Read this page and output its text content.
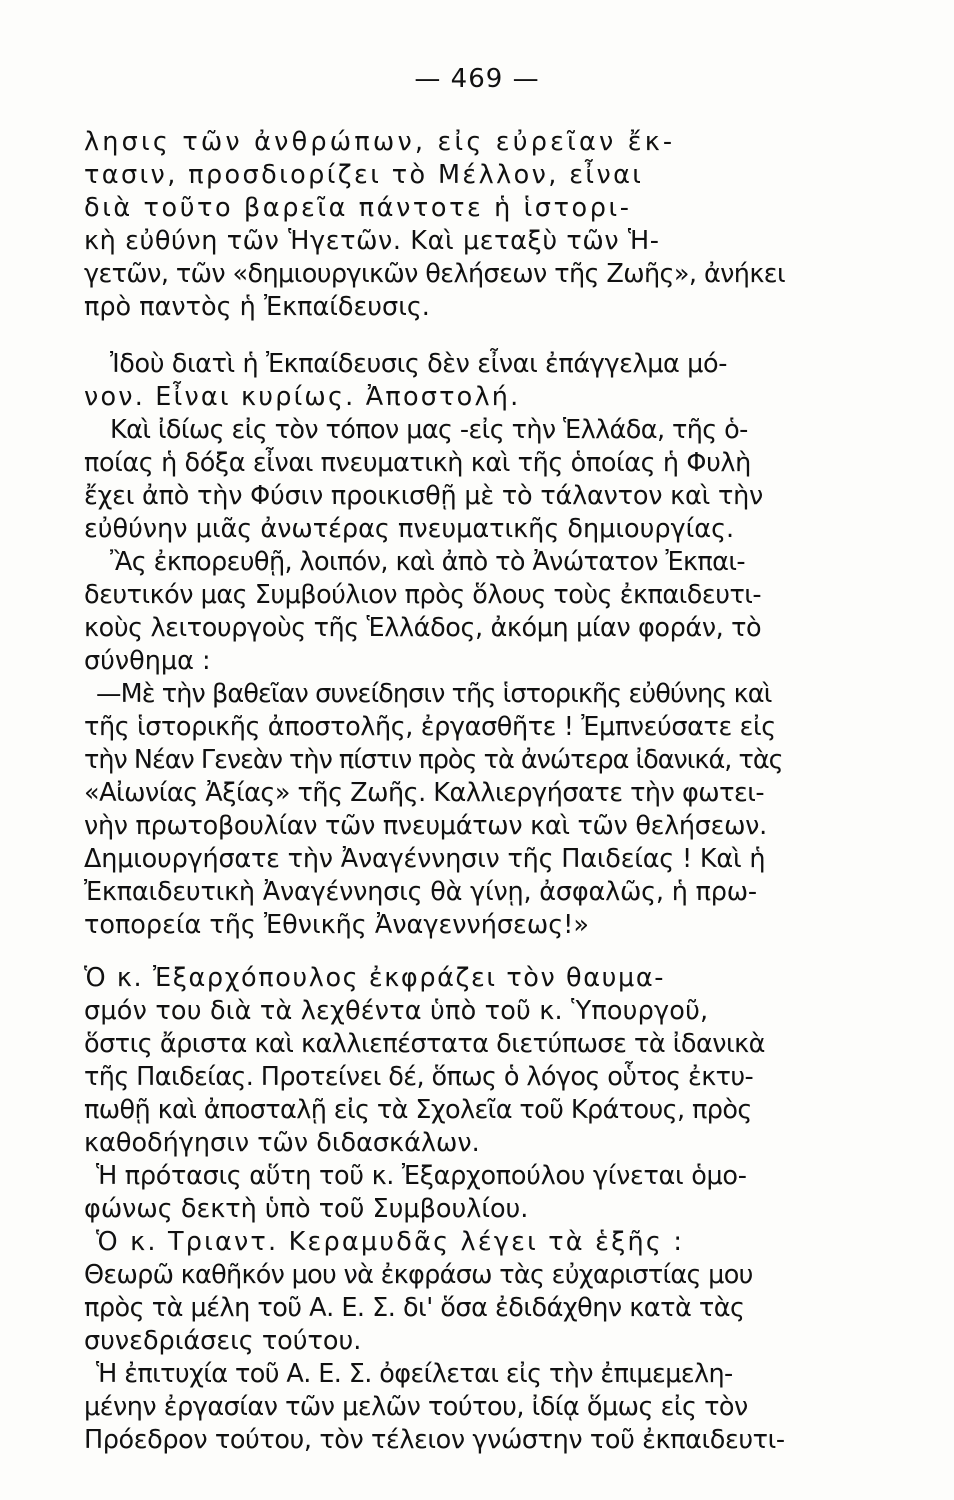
— 469 —
λησις τῶν ἀνθρώπων, εἰς εὐρεῖαν ἔκ-
τασιν, προσδιορίζει τὸ Μέλλον, εἶναι
διὰ τοῦτο βαρεῖα πάντοτε ἡ ἱστορι-
κὴ εὐθύνη τῶν Ἡγετῶν. Καὶ μεταξὺ τῶν Ἡ-
γετῶν, τῶν «δημιουργικῶν θελήσεων τῆς Ζωῆς», ἀνήκει
πρὸ παντὸς ἡ Ἐκπαίδευσις.
Ἰδοὺ διατὶ ἡ Ἐκπαίδευσις δὲν εἶναι ἐπάγγελμα μό-
νον. Εἶναι κυρίως. Ἀποστολή.
Καὶ ἰδίως εἰς τὸν τόπον μας -εἰς τὴν Ἑλλάδα, τῆς ὁ-
ποίας ἡ δόξα εἶναι πνευματικὴ καὶ τῆς ὁποίας ἡ Φυλὴ
ἔχει ἀπὸ τὴν Φύσιν προικισθῇ μὲ τὸ τάλαντον καὶ τὴν
εὐθύνην μιᾶς ἀνωτέρας πνευματικῆς δημιουργίας.
Ἂς ἐκπορευθῇ, λοιπόν, καὶ ἀπὸ τὸ Ἀνώτατον Ἐκπαι-
δευτικόν μας Συμβούλιον πρὸς ὅλους τοὺς ἐκπαιδευτι-
κοὺς λειτουργοὺς τῆς Ἑλλάδος, ἀκόμη μίαν φοράν, τὸ
σύνθημα :
—Μὲ τὴν βαθεῖαν συνείδησιν τῆς ἱστορικῆς εὐθύνης καὶ
τῆς ἱστορικῆς ἀποστολῆς, ἐργασθῆτε ! Ἐμπνεύσατε εἰς
τὴν Νέαν Γενεὰν τὴν πίστιν πρὸς τὰ ἀνώτερα ἰδανικά, τὰς
«Αἰωνίας Ἀξίας» τῆς Ζωῆς. Καλλιεργήσατε τὴν φωτει-
νὴν πρωτοβουλίαν τῶν πνευμάτων καὶ τῶν θελήσεων.
Δημιουργήσατε τὴν Ἀναγέννησιν τῆς Παιδείας ! Καὶ ἡ
Ἐκπαιδευτικὴ Ἀναγέννησις θὰ γίνῃ, ἀσφαλῶς, ἡ πρω-
τοπορεία τῆς Ἐθνικῆς Ἀναγεννήσεως!»
Ὁ κ. Ἐξαρχόπουλος ἐκφράζει τὸν θαυμα-
σμόν του διὰ τὰ λεχθέντα ὑπὸ τοῦ κ. Ὑπουργοῦ,
ὅστις ἄριστα καὶ καλλιεπέστατα διετύπωσε τὰ ἰδανικὰ
τῆς Παιδείας. Προτείνει δέ, ὅπως ὁ λόγος οὗτος ἐκτυ-
πωθῇ καὶ ἀποσταλῇ εἰς τὰ Σχολεῖα τοῦ Κράτους, πρὸς
καθοδήγησιν τῶν διδασκάλων.
Ἡ πρότασις αὕτη τοῦ κ. Ἐξαρχοπούλου γίνεται ὁμο-
φώνως δεκτὴ ὑπὸ τοῦ Συμβουλίου.
Ὁ κ. Τριαντ. Κεραμυδᾶς λέγει τὰ ἑξῆς :
Θεωρῶ καθῆκόν μου νὰ ἐκφράσω τὰς εὐχαριστίας μου
πρὸς τὰ μέλη τοῦ Α. Ε. Σ. δι' ὅσα ἐδιδάχθην κατὰ τὰς
συνεδριάσεις τούτου.
Ἡ ἐπιτυχία τοῦ Α. Ε. Σ. ὀφείλεται εἰς τὴν ἐπιμεμελη-
μένην ἐργασίαν τῶν μελῶν τούτου, ἰδίᾳ ὅμως εἰς τὸν
Πρόεδρον τούτου, τὸν τέλειον γνώστην τοῦ ἐκπαιδευτι-
